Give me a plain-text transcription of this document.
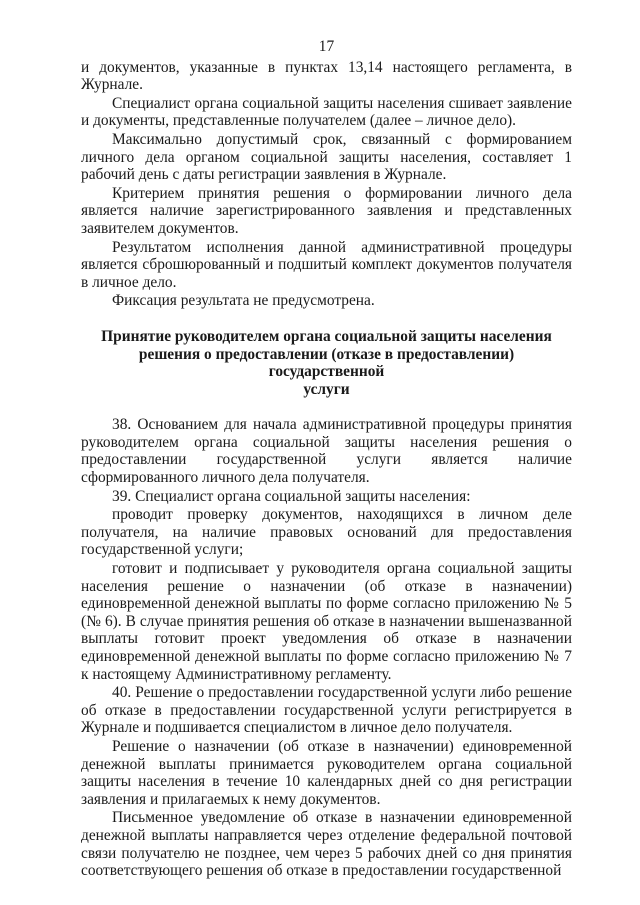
17

и документов, указанные в пунктах 13,14 настоящего регламента, в Журнале.

Специалист органа социальной защиты населения сшивает заявление и документы, представленные получателем (далее – личное дело).

Максимально допустимый срок, связанный с формированием личного дела органом социальной защиты населения, составляет 1 рабочий день с даты регистрации заявления в Журнале.

Критерием принятия решения о формировании личного дела является наличие зарегистрированного заявления и представленных заявителем документов.

Результатом исполнения данной административной процедуры является сброшюрованный и подшитый комплект документов получателя в личное дело.

Фиксация результата не предусмотрена.

Принятие руководителем органа социальной защиты населения
решения о предоставлении (отказе в предоставлении) государственной
услуги

38. Основанием для начала административной процедуры принятия руководителем органа социальной защиты населения решения о предоставлении государственной услуги является наличие сформированного личного дела получателя.

39. Специалист органа социальной защиты населения:

проводит проверку документов, находящихся в личном деле получателя, на наличие правовых оснований для предоставления государственной услуги;

готовит и подписывает у руководителя органа социальной защиты населения решение о назначении (об отказе в назначении) единовременной денежной выплаты по форме согласно приложению № 5 (№ 6). В случае принятия решения об отказе в назначении вышеназванной выплаты готовит проект уведомления об отказе в назначении единовременной денежной выплаты по форме согласно приложению № 7 к настоящему Административному регламенту.

40. Решение о предоставлении государственной услуги либо решение об отказе в предоставлении государственной услуги регистрируется в Журнале и подшивается специалистом в личное дело получателя.

Решение о назначении (об отказе в назначении) единовременной денежной выплаты принимается руководителем органа социальной защиты населения в течение 10 календарных дней со дня регистрации заявления и прилагаемых к нему документов.

Письменное уведомление об отказе в назначении единовременной денежной выплаты направляется через отделение федеральной почтовой связи получателю не позднее, чем через 5 рабочих дней со дня принятия соответствующего решения об отказе в предоставлении государственной
